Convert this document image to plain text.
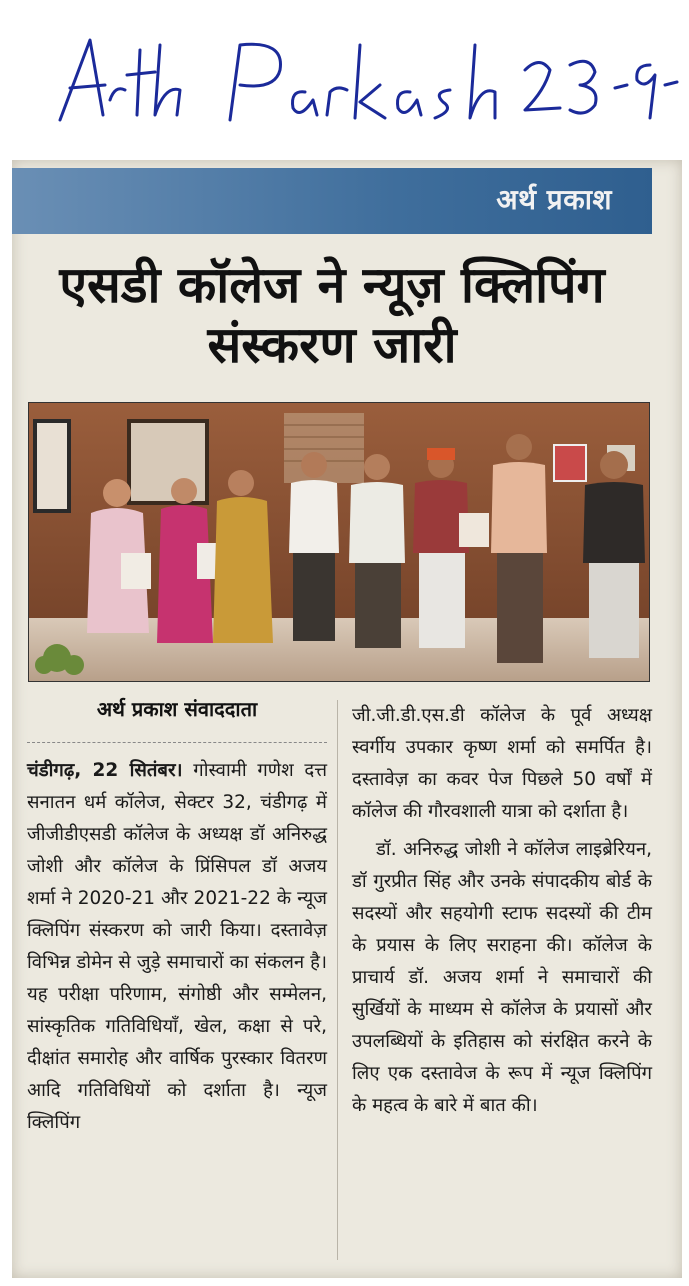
अर्थ प्रकाश
एसडी कॉलेज ने न्यूज़ क्लिपिंग
संस्करण जारी
अर्थ प्रकाश संवाददाता
चंडीगढ़, 22 सितंबर। गोस्वामी गणेश दत्त सनातन धर्म कॉलेज, सेक्टर 32, चंडीगढ़ में जीजीडीएसडी कॉलेज के अध्यक्ष डॉ अनिरुद्ध जोशी और कॉलेज के प्रिंसिपल डॉ अजय शर्मा ने 2020-21 और 2021-22 के न्यूज क्लिपिंग संस्करण को जारी किया। दस्तावेज़ विभिन्न डोमेन से जुड़े समाचारों का संकलन है। यह परीक्षा परिणाम, संगोष्ठी और सम्मेलन, सांस्कृतिक गतिविधियाँ, खेल, कक्षा से परे, दीक्षांत समारोह और वार्षिक पुरस्कार वितरण आदि गतिविधियों को दर्शाता है। न्यूज क्लिपिंग
जी.जी.डी.एस.डी कॉलेज के पूर्व अध्यक्ष स्वर्गीय उपकार कृष्ण शर्मा को समर्पित है। दस्तावेज़ का कवर पेज पिछले 50 वर्षों में कॉलेज की गौरवशाली यात्रा को दर्शाता है।
डॉ. अनिरुद्ध जोशी ने कॉलेज लाइब्रेरियन, डॉ गुरप्रीत सिंह और उनके संपादकीय बोर्ड के सदस्यों और सहयोगी स्टाफ सदस्यों की टीम के प्रयास के लिए सराहना की। कॉलेज के प्राचार्य डॉ. अजय शर्मा ने समाचारों की सुर्खियों के माध्यम से कॉलेज के प्रयासों और उपलब्धियों के इतिहास को संरक्षित करने के लिए एक दस्तावेज के रूप में न्यूज क्लिपिंग के महत्व के बारे में बात की।
